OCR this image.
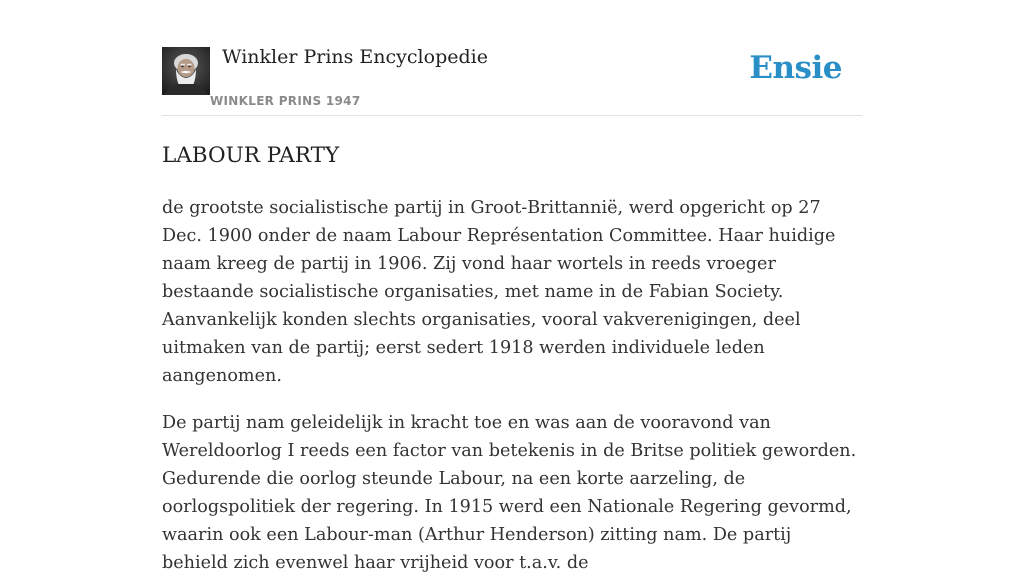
Winkler Prins Encyclopedie
WINKLER PRINS 1947
Ensie
LABOUR PARTY

de grootste socialistische partij in Groot-Brittannië, werd opgericht op 27 Dec. 1900 onder de naam Labour Représentation Committee. Haar huidige naam kreeg de partij in 1906. Zij vond haar wortels in reeds vroeger bestaande socialistische organisaties, met name in de Fabian Society. Aanvankelijk konden slechts organisaties, vooral vakverenigingen, deel uitmaken van de partij; eerst sedert 1918 werden individuele leden aangenomen.

De partij nam geleidelijk in kracht toe en was aan de vooravond van Wereldoorlog I reeds een factor van betekenis in de Britse politiek geworden. Gedurende die oorlog steunde Labour, na een korte aarzeling, de oorlogspolitiek der regering. In 1915 werd een Nationale Regering gevormd, waarin ook een Labour-man (Arthur Henderson) zitting nam. De partij behield zich evenwel haar vrijheid voor t.a.v. de
